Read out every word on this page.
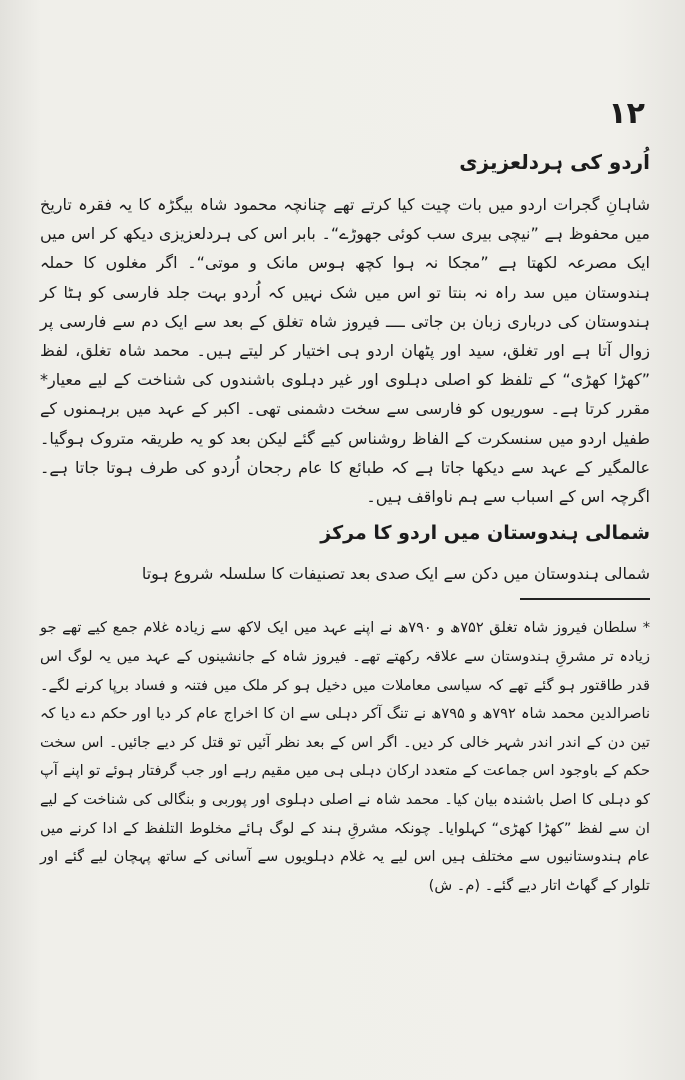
۱۲
اُردو کی ہردلعزیزی

شاہانِ گجرات اردو میں بات چیت کیا کرتے تھے چنانچہ محمود شاہ بیگڑہ کا یہ فقرہ تاریخ میں محفوظ ہے ”نیچی بیری سب کوئی جھوڑے“۔ بابر اس کی ہردلعزیزی دیکھ کر اس میں ایک مصرعہ لکھتا ہے ”مجکا نہ ہوا کچھ ہوس مانک و موتی“۔ اگر مغلوں کا حملہ ہندوستان میں سد راہ نہ بنتا تو اس میں شک نہیں کہ اُردو بہت جلد فارسی کو ہٹا کر ہندوستان کی درباری زبان بن جاتی ــــ فیروز شاہ تغلق کے بعد سے ایک دم سے فارسی پر زوال آتا ہے اور تغلق، سید اور پٹھان اردو ہی اختیار کر لیتے ہیں۔ محمد شاہ تغلق، لفظ ”کھڑا کھڑی“ کے تلفظ کو اصلی دہلوی اور غیر دہلوی باشندوں کی شناخت کے لیے معیار* مقرر کرتا ہے۔ سوریوں کو فارسی سے سخت دشمنی تھی۔ اکبر کے عہد میں برہمنوں کے طفیل اردو میں سنسکرت کے الفاظ روشناس کیے گئے لیکن بعد کو یہ طریقہ متروک ہوگیا۔ عالمگیر کے عہد سے دیکھا جاتا ہے کہ طبائع کا عام رجحان اُردو کی طرف ہوتا جاتا ہے۔ اگرچہ اس کے اسباب سے ہم ناواقف ہیں۔

شمالی ہندوستان میں اردو کا مرکز

شمالی ہندوستان میں دکن سے ایک صدی بعد تصنیفات کا سلسلہ شروع ہوتا

* سلطان فیروز شاہ تغلق ۷۵۲ھ و ۷۹۰ھ نے اپنے عہد میں ایک لاکھ سے زیادہ غلام جمع کیے تھے جو زیادہ تر مشرقِ ہندوستان سے علاقہ رکھتے تھے۔ فیروز شاہ کے جانشینوں کے عہد میں یہ لوگ اس قدر طاقتور ہو گئے تھے کہ سیاسی معاملات میں دخیل ہو کر ملک میں فتنہ و فساد برپا کرنے لگے۔ ناصرالدین محمد شاہ ۷۹۲ھ و ۷۹۵ھ نے تنگ آکر دہلی سے ان کا اخراج عام کر دیا اور حکم دے دیا کہ تین دن کے اندر اندر شہر خالی کر دیں۔ اگر اس کے بعد نظر آئیں تو قتل کر دیے جائیں۔ اس سخت حکم کے باوجود اس جماعت کے متعدد ارکان دہلی ہی میں مقیم رہے اور جب گرفتار ہوئے تو اپنے آپ کو دہلی کا اصل باشندہ بیان کیا۔ محمد شاہ نے اصلی دہلوی اور پوربی و بنگالی کی شناخت کے لیے ان سے لفظ ”کھڑا کھڑی“ کہلوایا۔ چونکہ مشرقِ ہند کے لوگ ہائے مخلوط التلفظ کے ادا کرنے میں عام ہندوستانیوں سے مختلف ہیں اس لیے یہ غلام دہلویوں سے آسانی کے ساتھ پہچان لیے گئے اور تلوار کے گھاٹ اتار دیے گئے۔ (م۔ ش)
